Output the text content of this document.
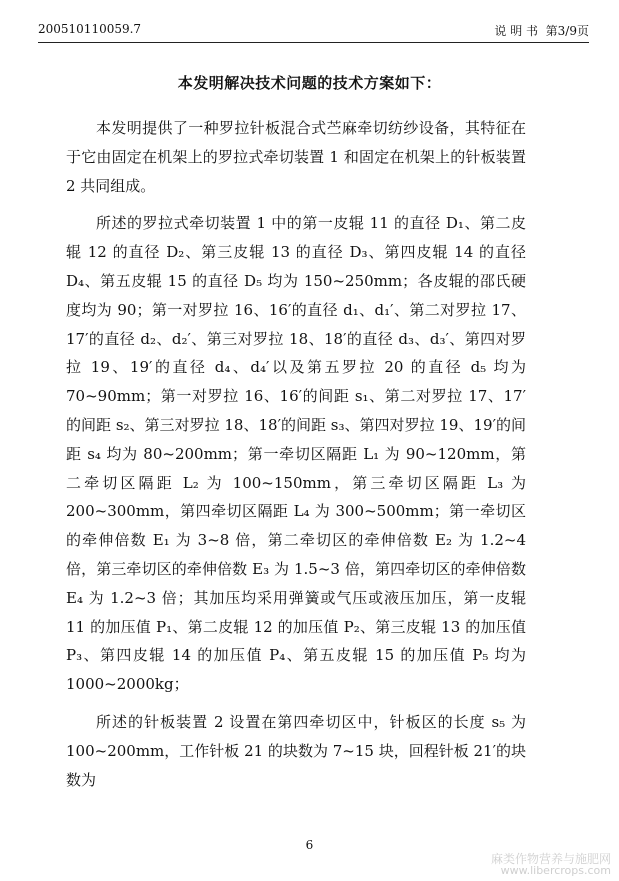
200510110059.7	说 明 书 第3/9页
本发明解决技术问题的技术方案如下：

本发明提供了一种罗拉针板混合式苎麻牵切纺纱设备，其特征在于它由固定在机架上的罗拉式牵切装置 1 和固定在机架上的针板装置 2 共同组成。

所述的罗拉式牵切装置 1 中的第一皮辊 11 的直径 D₁、第二皮辊 12 的直径 D₂、第三皮辊 13 的直径 D₃、第四皮辊 14 的直径 D₄、第五皮辊 15 的直径 D₅ 均为 150~250mm；各皮辊的邵氏硬度均为 90；第一对罗拉 16、16′的直径 d₁、d₁′、第二对罗拉 17、17′的直径 d₂、d₂′、第三对罗拉 18、18′的直径 d₃、d₃′、第四对罗拉 19、19′的直径 d₄、d₄′以及第五罗拉 20 的直径 d₅ 均为 70~90mm；第一对罗拉 16、16′的间距 s₁、第二对罗拉 17、17′的间距 s₂、第三对罗拉 18、18′的间距 s₃、第四对罗拉 19、19′的间距 s₄ 均为 80~200mm；第一牵切区隔距 L₁ 为 90~120mm，第二牵切区隔距 L₂ 为 100~150mm，第三牵切区隔距 L₃ 为 200~300mm，第四牵切区隔距 L₄ 为 300~500mm；第一牵切区的牵伸倍数 E₁ 为 3~8 倍，第二牵切区的牵伸倍数 E₂ 为 1.2~4 倍，第三牵切区的牵伸倍数 E₃ 为 1.5~3 倍，第四牵切区的牵伸倍数 E₄ 为 1.2~3 倍；其加压均采用弹簧或气压或液压加压，第一皮辊 11 的加压值 P₁、第二皮辊 12 的加压值 P₂、第三皮辊 13 的加压值 P₃、第四皮辊 14 的加压值 P₄、第五皮辊 15 的加压值 P₅ 均为 1000~2000kg；

所述的针板装置 2 设置在第四牵切区中，针板区的长度 s₅ 为 100~200mm，工作针板 21 的块数为 7~15 块，回程针板 21′的块数为

6
麻类作物营养与施肥网
www.libercrops.com
